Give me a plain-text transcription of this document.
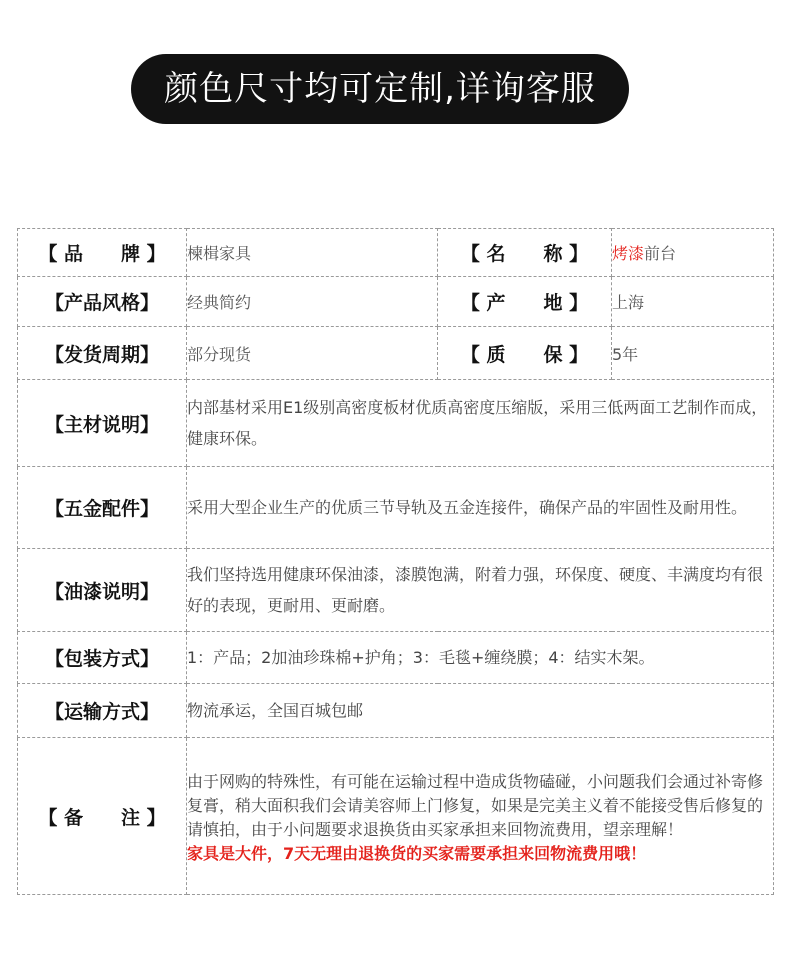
颜色尺寸均可定制,详询客服
【 品　　牌 】	楝楫家具	【 名　　称 】	烤漆前台
【产品风格】	经典简约	【 产　　地 】	上海
【发货周期】	部分现货	【 质　　保 】	5年
【主材说明】	内部基材采用E1级别高密度板材优质高密度压缩版，采用三低两面工艺制作而成，健康环保。		
【五金配件】	采用大型企业生产的优质三节导轨及五金连接件，确保产品的牢固性及耐用性。		
【油漆说明】	我们坚持选用健康环保油漆，漆膜饱满，附着力强，环保度、硬度、丰满度均有很好的表现，更耐用、更耐磨。		
【包装方式】	1：产品；2加油珍珠棉+护角；3：毛毯+缠绕膜；4：结实木架。		
【运输方式】	物流承运，全国百城包邮		
【 备　　注 】	由于网购的特殊性，有可能在运输过程中造成货物磕碰，小问题我们会通过补寄修复膏，稍大面积我们会请美容师上门修复，如果是完美主义着不能接受售后修复的请慎拍，由于小问题要求退换货由买家承担来回物流费用，望亲理解！
家具是大件，7天无理由退换货的买家需要承担来回物流费用哦！		
